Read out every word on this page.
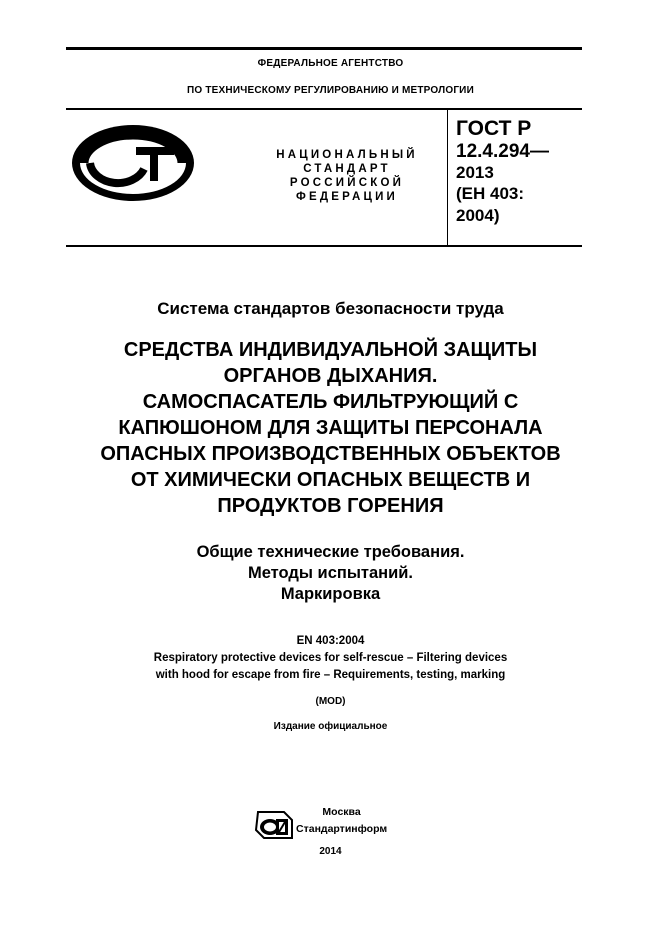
ФЕДЕРАЛЬНОЕ АГЕНТСТВО
ПО ТЕХНИЧЕСКОМУ РЕГУЛИРОВАНИЮ И МЕТРОЛОГИИ
НАЦИОНАЛЬНЫЙ
СТАНДАРТ
РОССИЙСКОЙ
ФЕДЕРАЦИИ
ГОСТ Р
12.4.294—
2013
(ЕН 403:
2004)
Система стандартов безопасности труда
СРЕДСТВА ИНДИВИДУАЛЬНОЙ ЗАЩИТЫ
ОРГАНОВ ДЫХАНИЯ.
САМОСПАСАТЕЛЬ ФИЛЬТРУЮЩИЙ С
КАПЮШОНОМ ДЛЯ ЗАЩИТЫ ПЕРСОНАЛА
ОПАСНЫХ ПРОИЗВОДСТВЕННЫХ ОБЪЕКТОВ
ОТ ХИМИЧЕСКИ ОПАСНЫХ ВЕЩЕСТВ И
ПРОДУКТОВ ГОРЕНИЯ
Общие технические требования.
Методы испытаний.
Маркировка
EN 403:2004
Respiratory protective devices for self-rescue – Filtering devices
with hood for escape from fire – Requirements, testing, marking
(MOD)
Издание официальное
Москва
Стандартинформ
2014
